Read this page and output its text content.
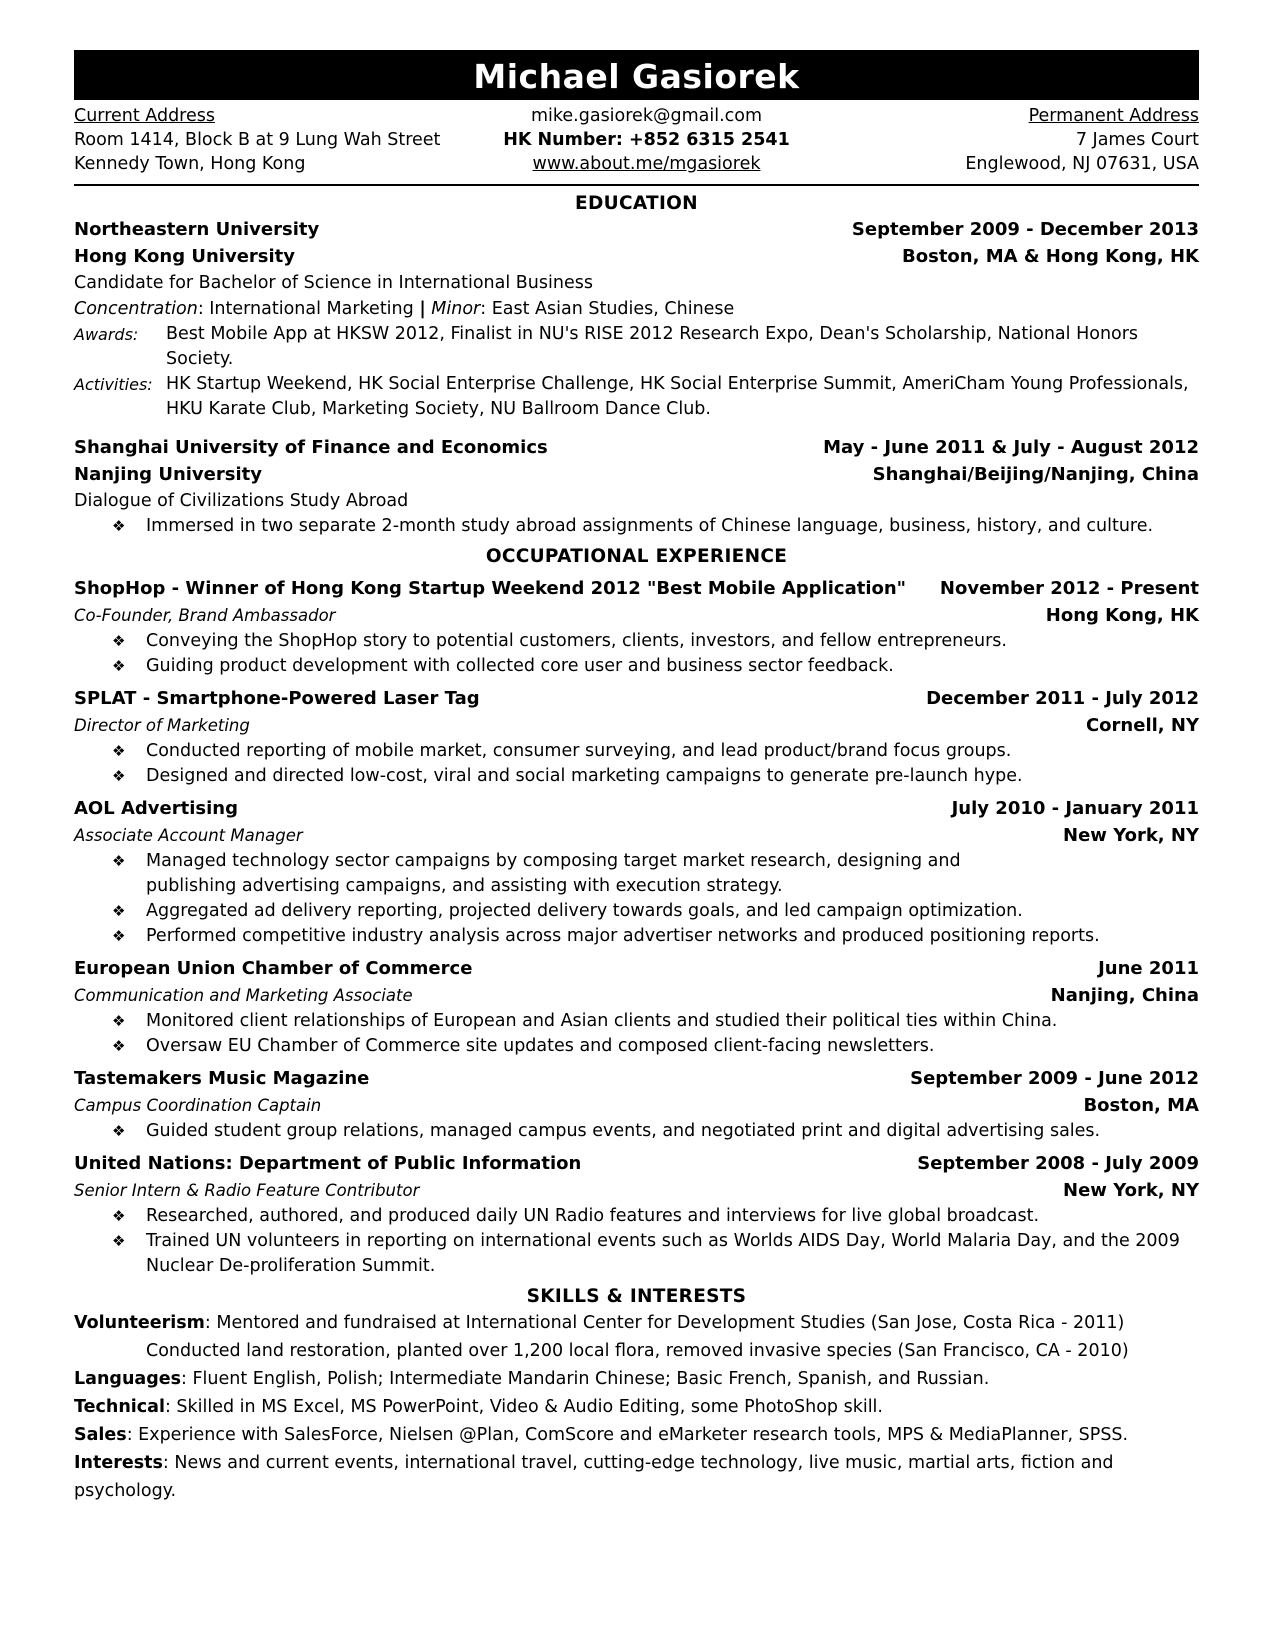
Michael Gasiorek
Current Address
Room 1414, Block B at 9 Lung Wah Street
Kennedy Town, Hong Kong
mike.gasiorek@gmail.com
HK Number: +852 6315 2541
www.about.me/mgasiorek
Permanent Address
7 James Court
Englewood, NJ 07631, USA
EDUCATION
Northeastern University	September 2009 - December 2013
Hong Kong University	Boston, MA & Hong Kong, HK
Candidate for Bachelor of Science in International Business
Concentration: International Marketing | Minor: East Asian Studies, Chinese
Awards:	Best Mobile App at HKSW 2012, Finalist in NU's RISE 2012 Research Expo, Dean's Scholarship, National Honors Society.
Activities: HK Startup Weekend, HK Social Enterprise Challenge, HK Social Enterprise Summit, AmeriCham Young Professionals, HKU Karate Club, Marketing Society, NU Ballroom Dance Club.
Shanghai University of Finance and Economics	May - June 2011 & July - August 2012
Nanjing University	Shanghai/Beijing/Nanjing, China
Dialogue of Civilizations Study Abroad
❖ Immersed in two separate 2-month study abroad assignments of Chinese language, business, history, and culture.
OCCUPATIONAL EXPERIENCE
ShopHop - Winner of Hong Kong Startup Weekend 2012 "Best Mobile Application" November 2012 - Present
Co-Founder, Brand Ambassador	Hong Kong, HK
❖ Conveying the ShopHop story to potential customers, clients, investors, and fellow entrepreneurs.
❖ Guiding product development with collected core user and business sector feedback.
SPLAT - Smartphone-Powered Laser Tag	December 2011 - July 2012
Director of Marketing	Cornell, NY
❖ Conducted reporting of mobile market, consumer surveying, and lead product/brand focus groups.
❖ Designed and directed low-cost, viral and social marketing campaigns to generate pre-launch hype.
AOL Advertising	July 2010 - January 2011
Associate Account Manager	New York, NY
❖ Managed technology sector campaigns by composing target market research, designing and publishing advertising campaigns, and assisting with execution strategy.
❖ Aggregated ad delivery reporting, projected delivery towards goals, and led campaign optimization.
❖ Performed competitive industry analysis across major advertiser networks and produced positioning reports.
European Union Chamber of Commerce	June 2011
Communication and Marketing Associate	Nanjing, China
❖ Monitored client relationships of European and Asian clients and studied their political ties within China.
❖ Oversaw EU Chamber of Commerce site updates and composed client-facing newsletters.
Tastemakers Music Magazine	September 2009 - June 2012
Campus Coordination Captain	Boston, MA
❖ Guided student group relations, managed campus events, and negotiated print and digital advertising sales.
United Nations: Department of Public Information	September 2008 - July 2009
Senior Intern & Radio Feature Contributor	New York, NY
❖ Researched, authored, and produced daily UN Radio features and interviews for live global broadcast.
❖ Trained UN volunteers in reporting on international events such as Worlds AIDS Day, World Malaria Day, and the 2009 Nuclear De-proliferation Summit.
SKILLS & INTERESTS
Volunteerism: Mentored and fundraised at International Center for Development Studies (San Jose, Costa Rica - 2011)
Conducted land restoration, planted over 1,200 local flora, removed invasive species (San Francisco, CA - 2010)
Languages: Fluent English, Polish; Intermediate Mandarin Chinese; Basic French, Spanish, and Russian.
Technical: Skilled in MS Excel, MS PowerPoint, Video & Audio Editing, some PhotoShop skill.
Sales: Experience with SalesForce, Nielsen @Plan, ComScore and eMarketer research tools, MPS & MediaPlanner, SPSS.
Interests: News and current events, international travel, cutting-edge technology, live music, martial arts, fiction and psychology.
